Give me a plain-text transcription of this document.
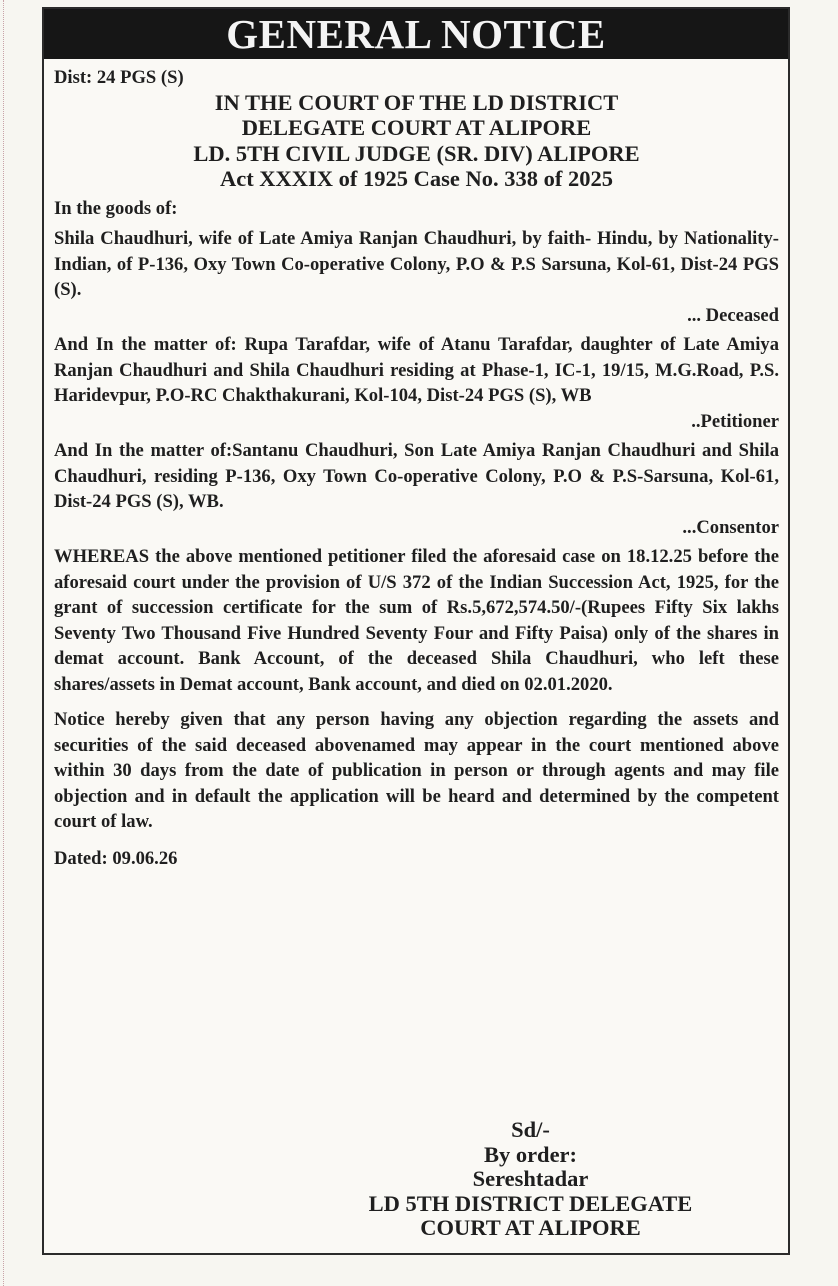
GENERAL NOTICE
Dist: 24 PGS (S)
IN THE COURT OF THE LD DISTRICT
DELEGATE COURT AT ALIPORE
LD. 5TH CIVIL JUDGE (SR. DIV) ALIPORE
Act XXXIX of 1925 Case No. 338 of 2025
In the goods of:

Shila Chaudhuri, wife of Late Amiya Ranjan Chaudhuri, by faith- Hindu, by Nationality- Indian, of P-136, Oxy Town Co-operative Colony, P.O & P.S Sarsuna, Kol-61, Dist-24 PGS (S).

... Deceased

And In the matter of: Rupa Tarafdar, wife of Atanu Tarafdar, daughter of Late Amiya Ranjan Chaudhuri and Shila Chaudhuri residing at Phase-1, IC-1, 19/15, M.G.Road, P.S. Haridevpur, P.O-RC Chakthakurani, Kol-104, Dist-24 PGS (S), WB

..Petitioner

And In the matter of:Santanu Chaudhuri, Son Late Amiya Ranjan Chaudhuri and Shila Chaudhuri, residing P-136, Oxy Town Co-operative Colony, P.O & P.S-Sarsuna, Kol-61, Dist-24 PGS (S), WB.

...Consentor

WHEREAS the above mentioned petitioner filed the aforesaid case on 18.12.25 before the aforesaid court under the provision of U/S 372 of the Indian Succession Act, 1925, for the grant of succession certificate for the sum of Rs.5,672,574.50/-(Rupees Fifty Six lakhs Seventy Two Thousand Five Hundred Seventy Four and Fifty Paisa) only of the shares in demat account. Bank Account, of the deceased Shila Chaudhuri, who left these shares/assets in Demat account, Bank account, and died on 02.01.2020.

Notice hereby given that any person having any objection regarding the assets and securities of the said deceased abovenamed may appear in the court mentioned above within 30 days from the date of publication in person or through agents and may file objection and in default the application will be heard and determined by the competent court of law.

Dated: 09.06.26
Sd/-
By order:
Sereshtadar
LD 5TH DISTRICT DELEGATE
COURT AT ALIPORE
